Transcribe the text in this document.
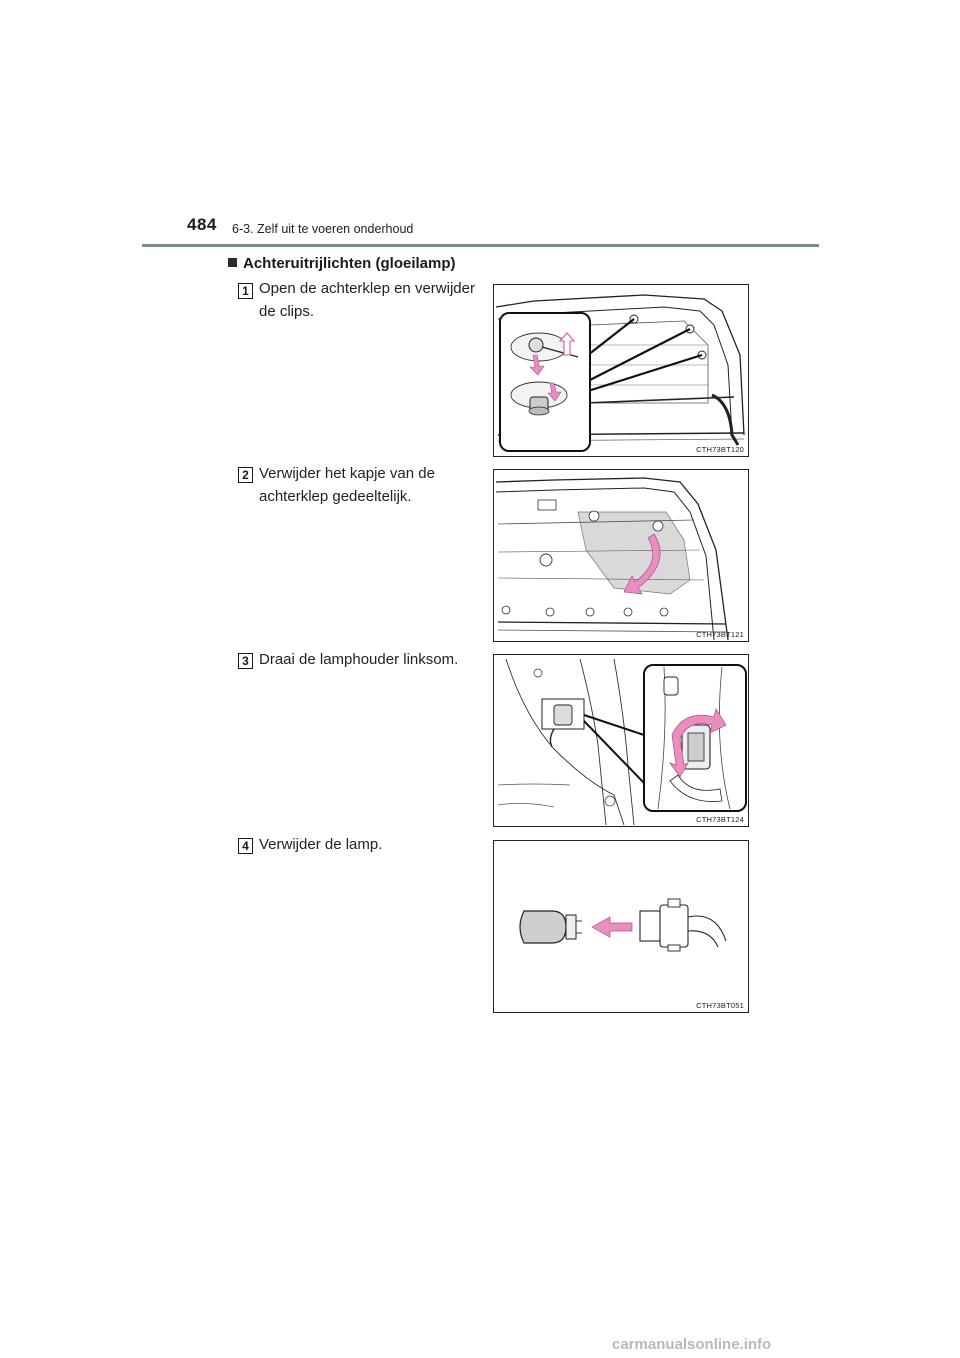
484 6-3. Zelf uit te voeren onderhoud
Achteruitrijlichten (gloeilamp)
1 Open de achterklep en verwijder de clips.
CTH73BT120
2 Verwijder het kapje van de achterklep gedeeltelijk.
CTH73BT121
3 Draai de lamphouder linksom.
CTH73BT124
4 Verwijder de lamp.
CTH73BT051
carmanualsonline.info
